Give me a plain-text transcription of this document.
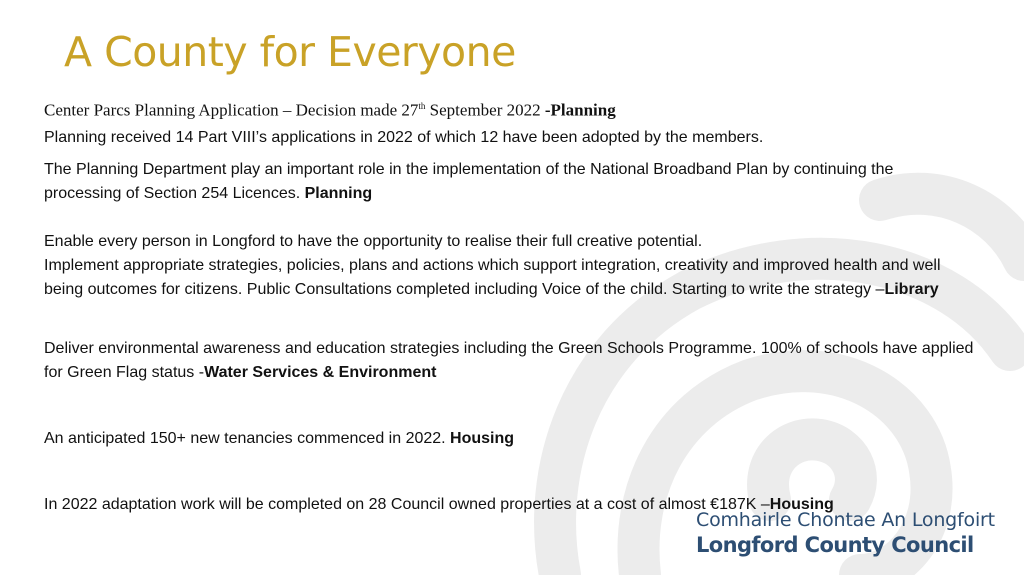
A County for Everyone

Center Parcs Planning Application – Decision made 27th September 2022 -Planning

Planning received 14 Part VIII’s applications in 2022 of which 12 have been adopted by the members.

The Planning Department play an important role in the implementation of the National Broadband Plan by continuing the processing of Section 254 Licences. Planning

Enable every person in Longford to have the opportunity to realise their full creative potential.
Implement appropriate strategies, policies, plans and actions which support integration, creativity and improved health and well being outcomes for citizens. Public Consultations completed including Voice of the child. Starting to write the strategy –Library

Deliver environmental awareness and education strategies including the Green Schools Programme. 100% of schools have applied for Green Flag status -Water Services & Environment

An anticipated 150+ new tenancies commenced in 2022. Housing

In 2022 adaptation work will be completed on 28 Council owned properties at a cost of almost €187K –Housing

Comhairle Chontae An Longfoirt
Longford County Council
